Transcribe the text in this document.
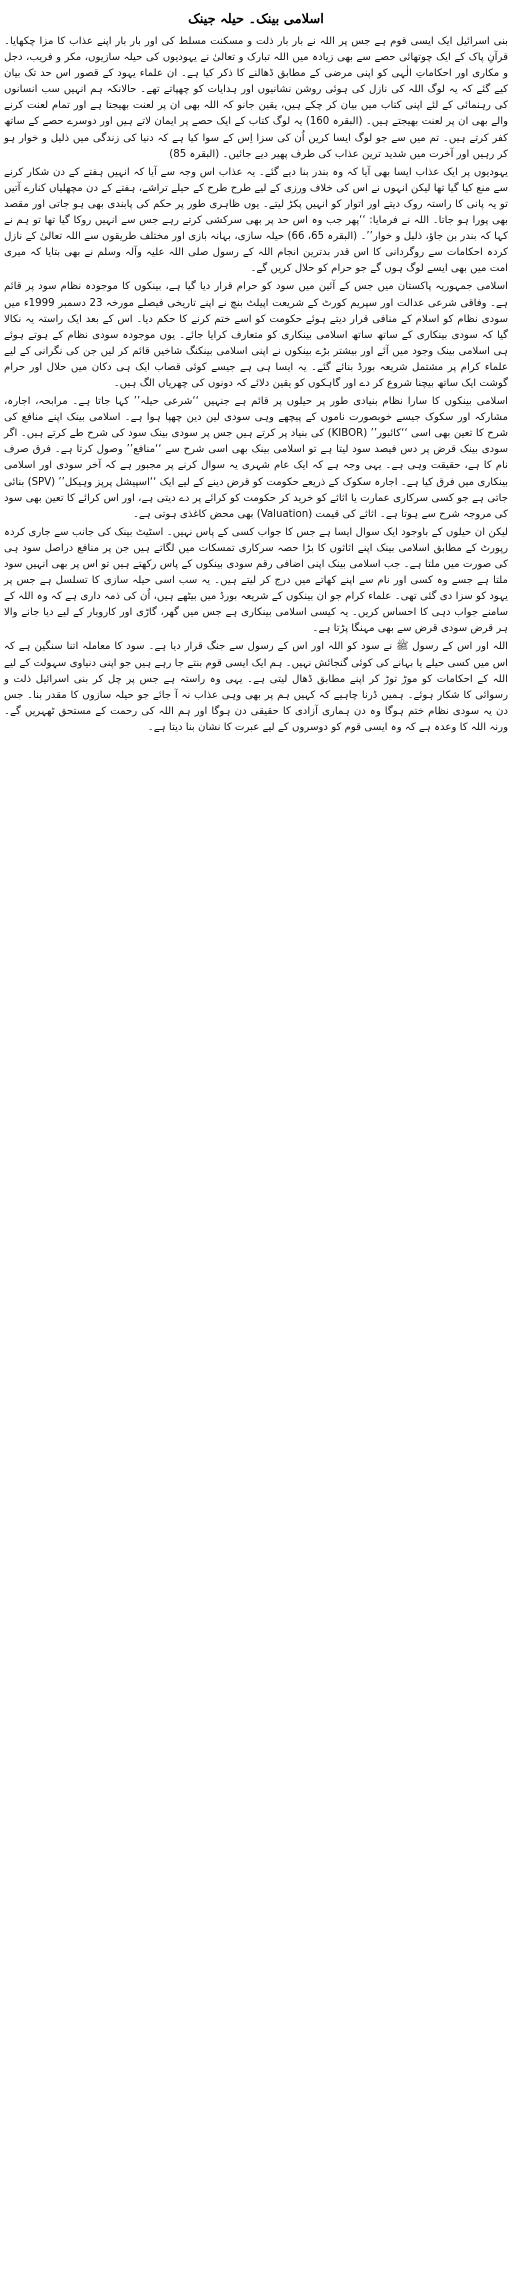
اسلامی بینک۔ حیلہ جینک

بنی اسرائیل ایک ایسی قوم ہے جس پر اللہ نے بار بار ذلت و مسکنت مسلط کی اور بار بار اپنے عذاب کا مزا چکھایا۔ قرآنِ پاک کے ایک چوتھائی حصے سے بھی زیادہ میں اللہ تبارک و تعالیٰ نے یہودیوں کی حیلہ سازیوں، مکر و فریب، دجل و مکاری اور احکاماتِ الٰہی کو اپنی مرضی کے مطابق ڈھالنے کا ذکر کیا ہے۔ ان علماء یہود کے قصور اس حد تک بیان کیے گئے کہ یہ لوگ اللہ کی نازل کی ہوئی روشن نشانیوں اور ہدایات کو چھپاتے تھے۔ حالانکہ ہم انہیں سب انسانوں کی رہنمائی کے لئے اپنی کتاب میں بیان کر چکے ہیں، یقین جانو کہ اللہ بھی ان پر لعنت بھیجتا ہے اور تمام لعنت کرنے والے بھی ان پر لعنت بھیجتے ہیں۔ (البقرہ 160) یہ لوگ کتاب کے ایک حصے پر ایمان لاتے ہیں اور دوسرے حصے کے ساتھ کفر کرتے ہیں۔ تم میں سے جو لوگ ایسا کریں اُن کی سزا اِس کے سوا کیا ہے کہ دنیا کی زندگی میں ذلیل و خوار ہو کر رہیں اور آخرت میں شدید ترین عذاب کی طرف پھیر دیے جائیں۔ (البقرہ 85)

یہودیوں پر ایک عذاب ایسا بھی آیا کہ وہ بندر بنا دیے گئے۔ یہ عذاب اس وجہ سے آیا کہ انہیں ہفتے کے دن شکار کرنے سے منع کیا گیا تھا لیکن انہوں نے اس کی خلاف ورزی کے لیے طرح طرح کے حیلے تراشے، ہفتے کے دن مچھلیاں کنارے آتیں تو یہ پانی کا راستہ روک دیتے اور اتوار کو انہیں پکڑ لیتے۔ یوں ظاہری طور پر حکم کی پابندی بھی ہو جاتی اور مقصد بھی پورا ہو جاتا۔ اللہ نے فرمایا: ‘‘پھر جب وہ اس حد پر بھی سرکشی کرتے رہے جس سے انہیں روکا گیا تھا تو ہم نے کہا کہ بندر بن جاؤ، ذلیل و خوار’’۔ (البقرہ 65، 66) حیلہ سازی، بہانہ بازی اور مختلف طریقوں سے اللہ تعالیٰ کے نازل کردہ احکامات سے روگردانی کا اس قدر بدترین انجام اللہ کے رسول صلی اللہ علیہ وآلہ وسلم نے بھی بتایا کہ میری امت میں بھی ایسے لوگ ہوں گے جو حرام کو حلال کریں گے۔

اسلامی جمہوریہ پاکستان میں جس کے آئین میں سود کو حرام قرار دیا گیا ہے، بینکوں کا موجودہ نظام سود پر قائم ہے۔ وفاقی شرعی عدالت اور سپریم کورٹ کے شریعت اپیلٹ بنچ نے اپنے تاریخی فیصلے مورخہ 23 دسمبر 1999ء میں سودی نظام کو اسلام کے منافی قرار دیتے ہوئے حکومت کو اسے ختم کرنے کا حکم دیا۔ اس کے بعد ایک راستہ یہ نکالا گیا کہ سودی بینکاری کے ساتھ ساتھ اسلامی بینکاری کو متعارف کرایا جائے۔ یوں موجودہ سودی نظام کے ہوتے ہوئے ہی اسلامی بینک وجود میں آئے اور بیشتر بڑے بینکوں نے اپنی اسلامی بینکنگ شاخیں قائم کر لیں جن کی نگرانی کے لیے علماء کرام پر مشتمل شریعہ بورڈ بنائے گئے۔ یہ ایسا ہی ہے جیسے کوئی قصاب ایک ہی دکان میں حلال اور حرام گوشت ایک ساتھ بیچنا شروع کر دے اور گاہکوں کو یقین دلائے کہ دونوں کی چھریاں الگ ہیں۔

اسلامی بینکوں کا سارا نظام بنیادی طور پر حیلوں پر قائم ہے جنہیں ‘‘شرعی حیلہ’’ کہا جاتا ہے۔ مرابحہ، اجارہ، مشارکہ اور سکوک جیسے خوبصورت ناموں کے پیچھے وہی سودی لین دین چھپا ہوا ہے۔ اسلامی بینک اپنے منافع کی شرح کا تعین بھی اسی ‘‘کائبور’’ (KIBOR) کی بنیاد پر کرتے ہیں جس پر سودی بینک سود کی شرح طے کرتے ہیں۔ اگر سودی بینک قرض پر دس فیصد سود لیتا ہے تو اسلامی بینک بھی اسی شرح سے ‘‘منافع’’ وصول کرتا ہے۔ فرق صرف نام کا ہے، حقیقت وہی ہے۔ یہی وجہ ہے کہ ایک عام شہری یہ سوال کرنے پر مجبور ہے کہ آخر سودی اور اسلامی بینکاری میں فرق کیا ہے۔ اجارہ سکوک کے ذریعے حکومت کو قرض دینے کے لیے ایک ‘‘اسپیشل پرپز وہیکل’’ (SPV) بنائی جاتی ہے جو کسی سرکاری عمارت یا اثاثے کو خرید کر حکومت کو کرائے پر دے دیتی ہے، اور اس کرائے کا تعین بھی سود کی مروجہ شرح سے ہوتا ہے۔ اثاثے کی قیمت (Valuation) بھی محض کاغذی ہوتی ہے۔

لیکن ان حیلوں کے باوجود ایک سوال ایسا ہے جس کا جواب کسی کے پاس نہیں۔ اسٹیٹ بینک کی جانب سے جاری کردہ رپورٹ کے مطابق اسلامی بینک اپنے اثاثوں کا بڑا حصہ سرکاری تمسکات میں لگاتے ہیں جن پر منافع دراصل سود ہی کی صورت میں ملتا ہے۔ جب اسلامی بینک اپنی اضافی رقم سودی بینکوں کے پاس رکھتے ہیں تو اس پر بھی انہیں سود ملتا ہے جسے وہ کسی اور نام سے اپنے کھاتے میں درج کر لیتے ہیں۔ یہ سب اسی حیلہ سازی کا تسلسل ہے جس پر یہود کو سزا دی گئی تھی۔ علماء کرام جو ان بینکوں کے شریعہ بورڈ میں بیٹھے ہیں، اُن کی ذمہ داری ہے کہ وہ اللہ کے سامنے جواب دہی کا احساس کریں۔ یہ کیسی اسلامی بینکاری ہے جس میں گھر، گاڑی اور کاروبار کے لیے دیا جانے والا ہر قرض سودی قرض سے بھی مہنگا پڑتا ہے۔

اللہ اور اس کے رسول ﷺ نے سود کو اللہ اور اس کے رسول سے جنگ قرار دیا ہے۔ سود کا معاملہ اتنا سنگین ہے کہ اس میں کسی حیلے یا بہانے کی کوئی گنجائش نہیں۔ ہم ایک ایسی قوم بنتے جا رہے ہیں جو اپنی دنیاوی سہولت کے لیے اللہ کے احکامات کو موڑ توڑ کر اپنے مطابق ڈھال لیتی ہے۔ یہی وہ راستہ ہے جس پر چل کر بنی اسرائیل ذلت و رسوائی کا شکار ہوئے۔ ہمیں ڈرنا چاہیے کہ کہیں ہم پر بھی وہی عذاب نہ آ جائے جو حیلہ سازوں کا مقدر بنا۔ جس دن یہ سودی نظام ختم ہوگا وہ دن ہماری آزادی کا حقیقی دن ہوگا اور ہم اللہ کی رحمت کے مستحق ٹھہریں گے۔ ورنہ اللہ کا وعدہ ہے کہ وہ ایسی قوم کو دوسروں کے لیے عبرت کا نشان بنا دیتا ہے۔
